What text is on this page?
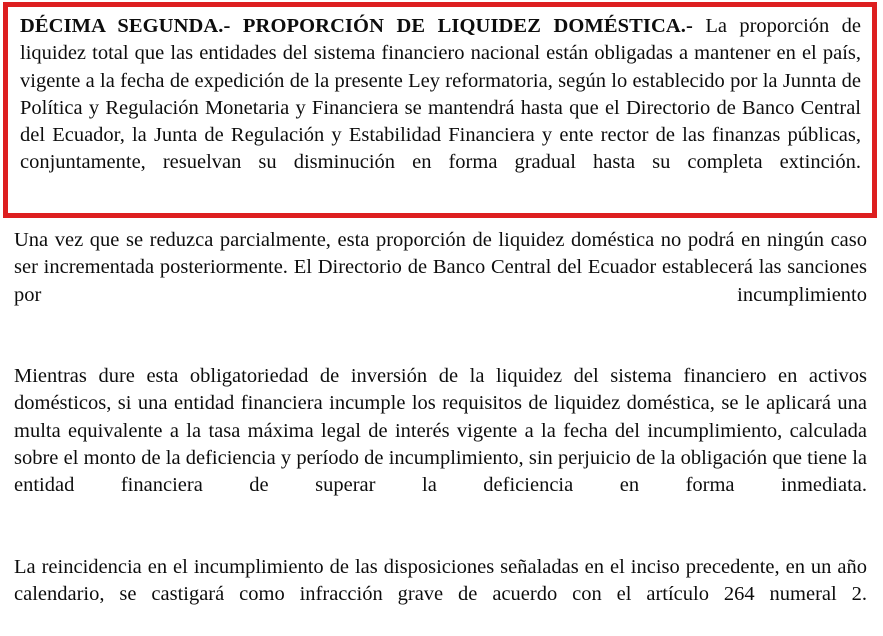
DÉCIMA SEGUNDA.- PROPORCIÓN DE LIQUIDEZ DOMÉSTICA.- La proporción de liquidez total que las entidades del sistema financiero nacional están obligadas a mantener en el país, vigente a la fecha de expedición de la presente Ley reformatoria, según lo establecido por la Junnta de Política y Regulación Monetaria y Financiera se mantendrá hasta que el Directorio de Banco Central del Ecuador, la Junta de Regulación y Estabilidad Financiera y ente rector de las finanzas públicas, conjuntamente, resuelvan su disminución en forma gradual hasta su completa extinción.

Una vez que se reduzca parcialmente, esta proporción de liquidez doméstica no podrá en ningún caso ser incrementada posteriormente. El Directorio de Banco Central del Ecuador establecerá las sanciones por incumplimiento

Mientras dure esta obligatoriedad de inversión de la liquidez del sistema financiero en activos domésticos, si una entidad financiera incumple los requisitos de liquidez doméstica, se le aplicará una multa equivalente a la tasa máxima legal de interés vigente a la fecha del incumplimiento, calculada sobre el monto de la deficiencia y período de incumplimiento, sin perjuicio de la obligación que tiene la entidad financiera de superar la deficiencia en forma inmediata.

La reincidencia en el incumplimiento de las disposiciones señaladas en el inciso precedente, en un año calendario, se castigará como infracción grave de acuerdo con el artículo 264 numeral 2.
